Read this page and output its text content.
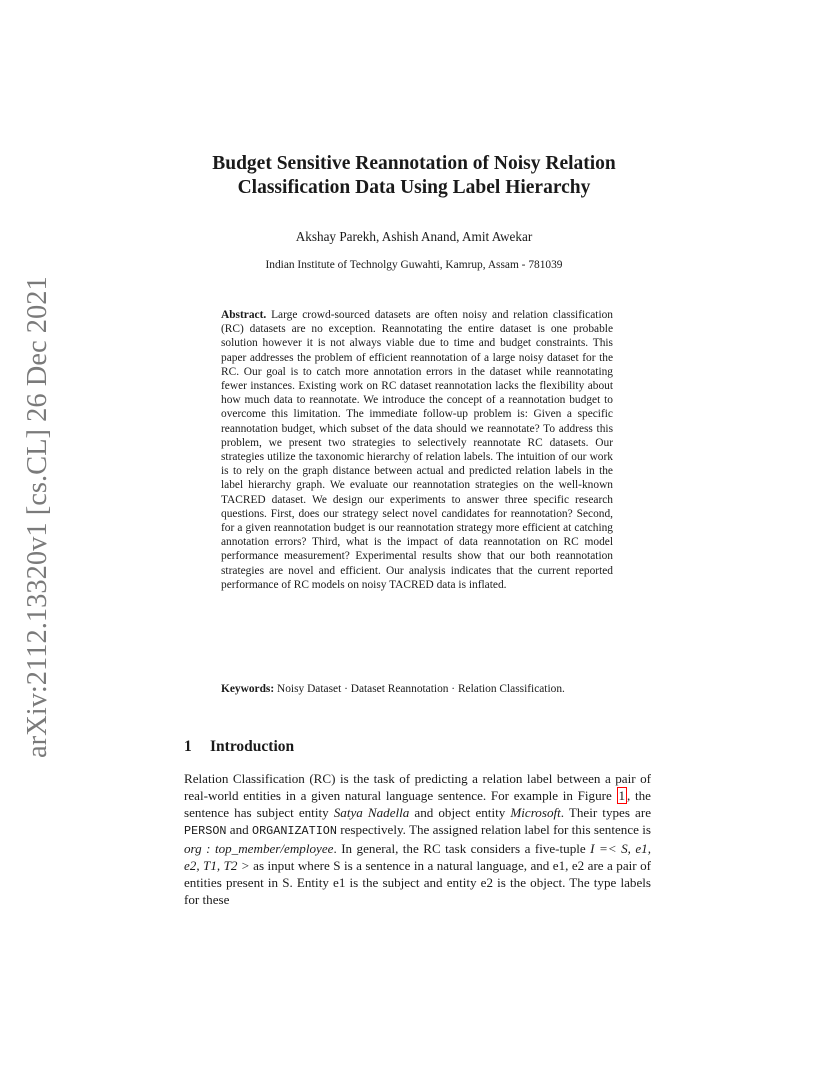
arXiv:2112.13320v1 [cs.CL] 26 Dec 2021
Budget Sensitive Reannotation of Noisy Relation
Classification Data Using Label Hierarchy
Akshay Parekh, Ashish Anand, Amit Awekar
Indian Institute of Technolgy Guwahti, Kamrup, Assam - 781039
Abstract. Large crowd-sourced datasets are often noisy and relation classification (RC) datasets are no exception. Reannotating the entire dataset is one probable solution however it is not always viable due to time and budget constraints. This paper addresses the problem of efficient reannotation of a large noisy dataset for the RC. Our goal is to catch more annotation errors in the dataset while reannotating fewer instances. Existing work on RC dataset reannotation lacks the flexibility about how much data to reannotate. We introduce the concept of a reannotation budget to overcome this limitation. The immediate follow-up problem is: Given a specific reannotation budget, which subset of the data should we reannotate? To address this problem, we present two strategies to selectively reannotate RC datasets. Our strategies utilize the taxonomic hierarchy of relation labels. The intuition of our work is to rely on the graph distance between actual and predicted relation labels in the label hierarchy graph. We evaluate our reannotation strategies on the well-known TACRED dataset. We design our experiments to answer three specific research questions. First, does our strategy select novel candidates for reannotation? Second, for a given reannotation budget is our reannotation strategy more efficient at catching annotation errors? Third, what is the impact of data reannotation on RC model performance measurement? Experimental results show that our both reannotation strategies are novel and efficient. Our analysis indicates that the current reported performance of RC models on noisy TACRED data is inflated.
Keywords: Noisy Dataset · Dataset Reannotation · Relation Classification.
1 Introduction
Relation Classification (RC) is the task of predicting a relation label between a pair of real-world entities in a given natural language sentence. For example in Figure 1 , the sentence has subject entity Satya Nadella and object entity Microsoft. Their types are PERSON and ORGANIZATION respectively. The assigned relation label for this sentence is org : top_member/employee. In general, the RC task considers a five-tuple I =< S, e1, e2, T1, T2 > as input where S is a sentence in a natural language, and e1, e2 are a pair of entities present in S. Entity e1 is the subject and entity e2 is the object. The type labels for these
